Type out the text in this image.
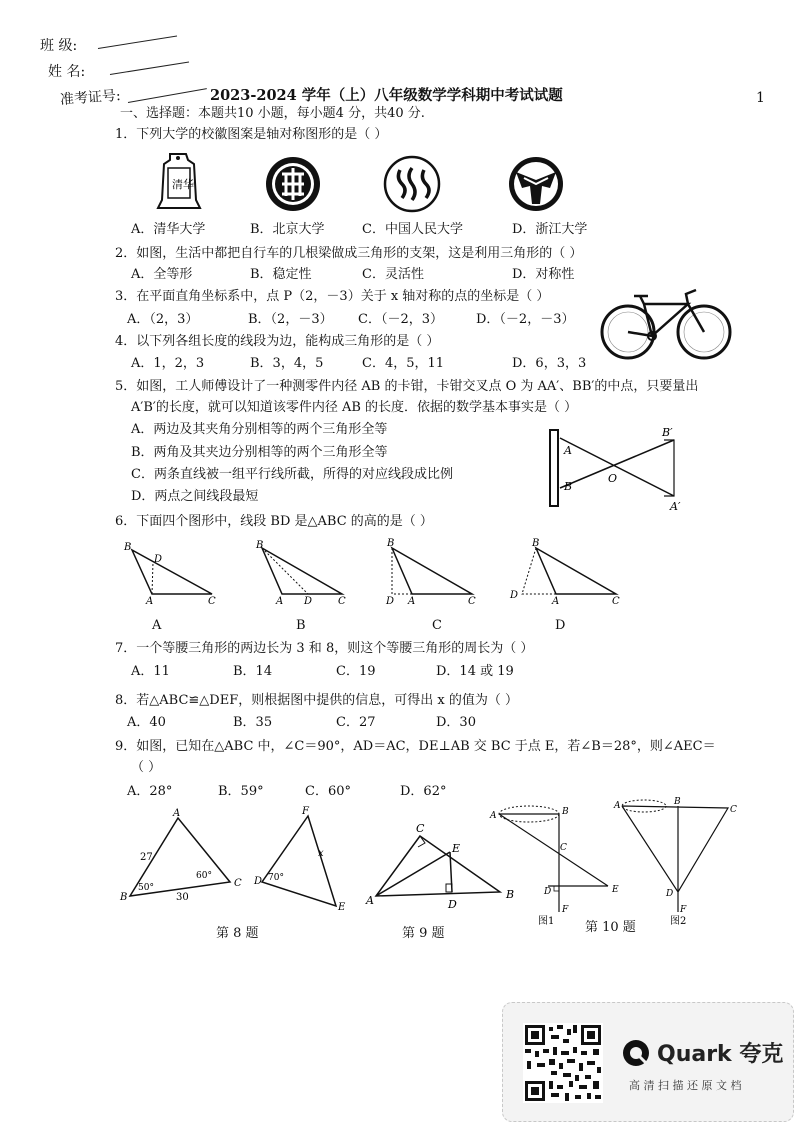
班 级:
姓 名:
准考证号:	2023-2024 学年（上）八年级数学学科期中考试试题	1
一、选择题：本题共10 小题，每小题4 分，共40 分.
1．下列大学的校徽图案是轴对称图形的是（ ）
清华
A．清华大学	B．北京大学	C．中国人民大学	D．浙江大学
2．如图，生活中都把自行车的几根梁做成三角形的支架，这是利用三角形的（ ）
A．全等形	B．稳定性	C．灵活性	D．对称性
3．在平面直角坐标系中，点 P（2，－3）关于 x 轴对称的点的坐标是（ ）
A．（2，3）	B．（2，－3） C．（－2，3）	D．（－2，－3）
4．以下列各组长度的线段为边，能构成三角形的是（ ）
A．1，2，3	B．3，4，5	C．4，5，11	D．6，3，3
5．如图，工人师傅设计了一种测零件内径 AB 的卡钳，卡钳交叉点 O 为 AA′、BB′的中点，只要量出
A′B′的长度，就可以知道该零件内径 AB 的长度．依据的数学基本事实是（ ）
A．两边及其夹角分别相等的两个三角形全等
B．两角及其夹边分别相等的两个三角形全等
C．两条直线被一组平行线所截，所得的对应线段成比例
D．两点之间线段最短
A
B
O
B′
A′
6．下面四个图形中，线段 BD 是△ABC 的高的是（ ）
B
D
A	C
B
A D	C
B
D A	C
B
D
A	C
A	B	C	D
7．一个等腰三角形的两边长为 3 和 8，则这个等腰三角形的周长为（ ）
A．11	B．14	C．19	D．14 或 19
8．若△ABC≌△DEF，则根据图中提供的信息，可得出 x 的值为（ ）
A．40	B．35	C．27	D．30
9．如图，已知在△ABC 中，∠C＝90°，AD＝AC，DE⊥AB 交 BC 于点 E，若∠B＝28°，则∠AEC＝
（ ）
A．28°	B．59°	C．60°	D．62°
A
B
C
27
30
50°
60°
F
D
E
x
70°
C
E
A	D
B
A	B
C
D	E
F
图1
A	B
C
D
F
图2
第 8 题	第 9 题	第 10 题
Quark 夸克
高 清 扫 描 还 原 文 档
